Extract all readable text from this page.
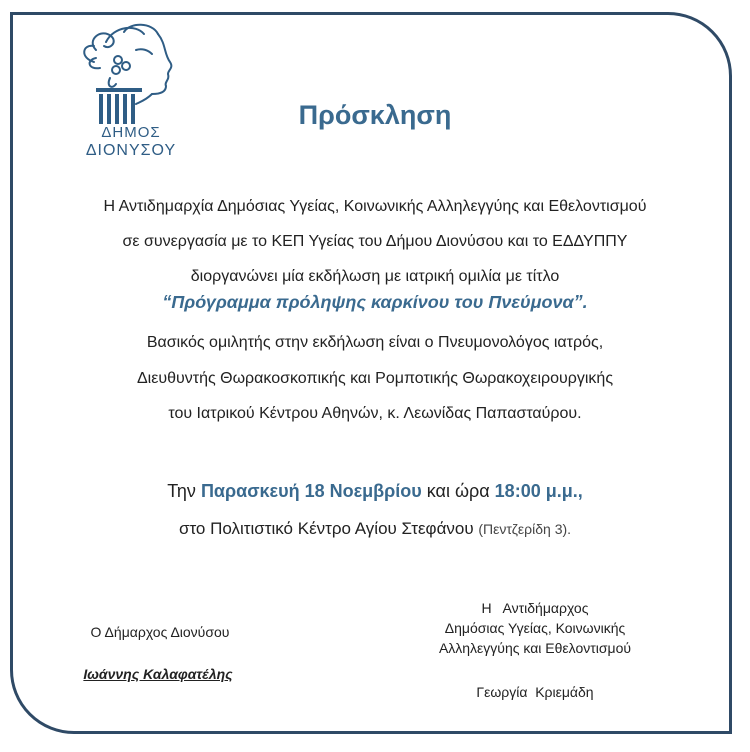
ΔΗΜΟΣ
ΔΙΟΝΥΣΟΥ
Πρόσκληση
Η Αντιδημαρχία Δημόσιας Υγείας, Κοινωνικής Αλληλεγγύης και Εθελοντισμού
σε συνεργασία με το ΚΕΠ Υγείας του Δήμου Διονύσου και το ΕΔΔΥΠΠΥ
διοργανώνει μία εκδήλωση με ιατρική ομιλία με τίτλο
“Πρόγραμμα πρόληψης καρκίνου του Πνεύμονα”.
Βασικός ομιλητής στην εκδήλωση είναι ο Πνευμονολόγος ιατρός,
Διευθυντής Θωρακοσκοπικής και Ρομποτικής Θωρακοχειρουργικής
του Ιατρικού Κέντρου Αθηνών, κ. Λεωνίδας Παπασταύρου.
Την Παρασκευή 18 Νοεμβρίου και ώρα 18:00 μ.μ.,
στο Πολιτιστικό Κέντρο Αγίου Στεφάνου (Πεντζερίδη 3).
Ο Δήμαρχος Διονύσου
Ιωάννης Καλαφατέλης
Η   Αντιδήμαρχος
Δημόσιας Υγείας, Κοινωνικής
Αλληλεγγύης και Εθελοντισμού
Γεωργία  Κριεμάδη
